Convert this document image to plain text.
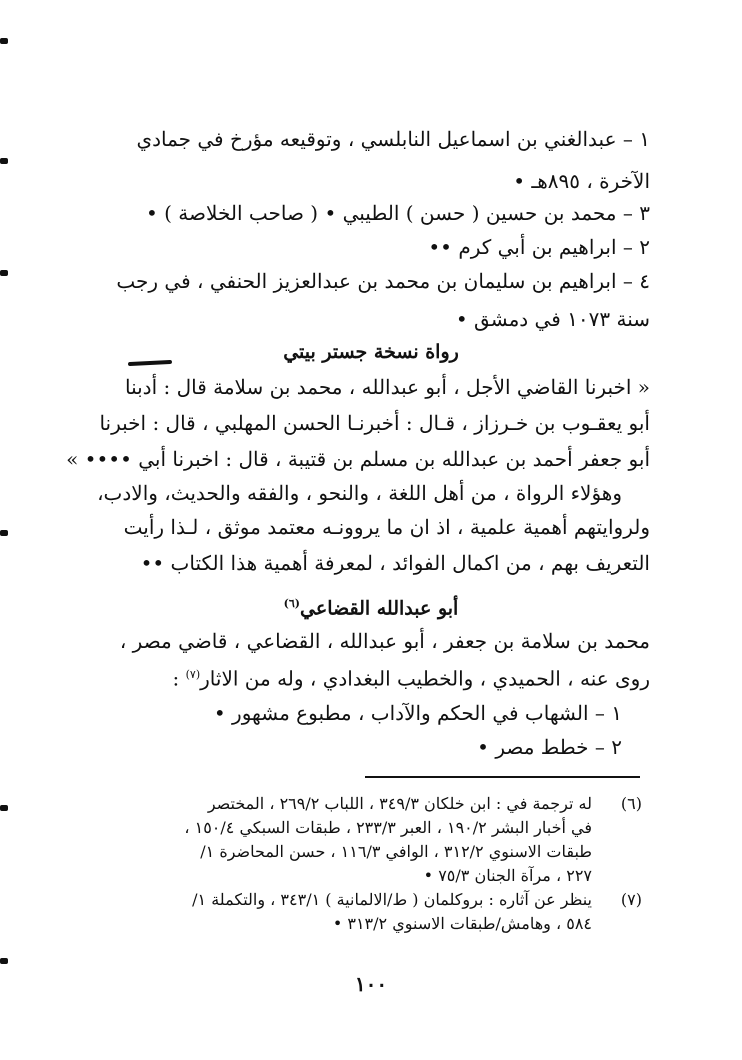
١ – عبدالغني بن اسماعيل النابلسي ، وتوقيعه مؤرخ في جمادي
الآخرة ، ٨٩٥هـ •
٣ – محمد بن حسين ( حسن ) الطيبي • ( صاحب الخلاصة ) •
٢ – ابراهيم بن أبي كرم ••
٤ – ابراهيم بن سليمان بن محمد بن عبدالعزيز الحنفي ، في رجب
سنة ١٠٧٣ في دمشق •
رواة نسخة جستر بيتي
« اخبرنا القاضي الأجل ، أبو عبدالله ، محمد بن سلامة قال : أدبنا
أبو يعقـوب بن خـرزاز ، قـال : أخبرنـا الحسن المهلبي ، قال : اخبرنا
أبو جعفر أحمد بن عبدالله بن مسلم بن قتيبة ، قال : اخبرنا أبي •••• »
وهؤلاء الرواة ، من أهل اللغة ، والنحو ، والفقه والحديث، والادب،
ولروايتهم أهمية علمية ، اذ ان ما يروونـه معتمد موثق ، لـذا رأيت
التعريف بهم ، من اكمال الفوائد ، لمعرفة أهمية هذا الكتاب ••
أبو عبدالله القضاعي$^{(٦)}$
محمد بن سلامة بن جعفر ، أبو عبدالله ، القضاعي ، قاضي مصر ،
روى عنه ، الحميدي ، والخطيب البغدادي ، وله من الاثار$^{(٧)}$ :
١ – الشهاب في الحكم والآداب ، مطبوع مشهور •
٢ – خطط مصر •
(٦)
له ترجمة في : ابن خلكان ٣٤٩/٣ ، اللباب ٢٦٩/٢ ، المختصر
في أخبار البشر ١٩٠/٢ ، العبر ٢٣٣/٣ ، طبقات السبكي ١٥٠/٤ ،
طبقات الاسنوي ٣١٢/٢ ، الوافي ١١٦/٣ ، حسن المحاضرة ١/
٢٢٧ ، مرآة الجنان ٧٥/٣ •
(٧)
ينظر عن آثاره : بروكلمان ( ط/الالمانية ) ٣٤٣/١ ، والتكملة ١/
٥٨٤ ، وهامش/طبقات الاسنوي ٣١٣/٢ •
١٠٠
